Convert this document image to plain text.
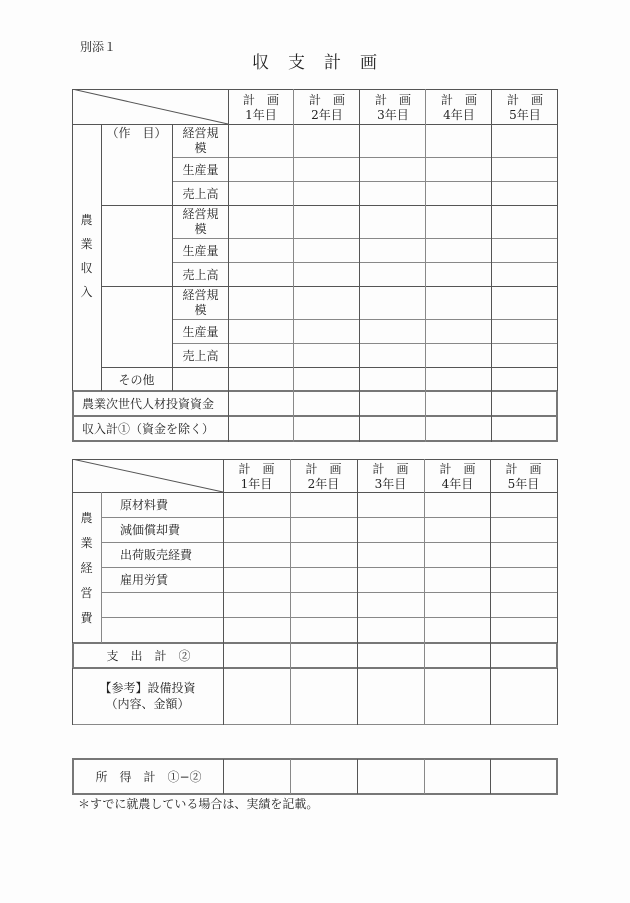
別添１
収　支　計　画
計　画
1年目
計　画
2年目
計　画
3年目
計　画
4年目
計　画
5年目
農
業
収
入
（作　目）	経営規
模
生産量
売上高
経営規
模
生産量
売上高
経営規
模
生産量
売上高
その他
農業次世代人材投資資金
収入計①（資金を除く）
計　画
1年目
計　画
2年目
計　画
3年目
計　画
4年目
計　画
5年目
農
業
経
営
費
原材料費
減価償却費
出荷販売経費
雇用労賃
支　出　計　②
【参考】設備投資
（内容、金額）
所　得　計　①−②
＊すでに就農している場合は、実績を記載。
